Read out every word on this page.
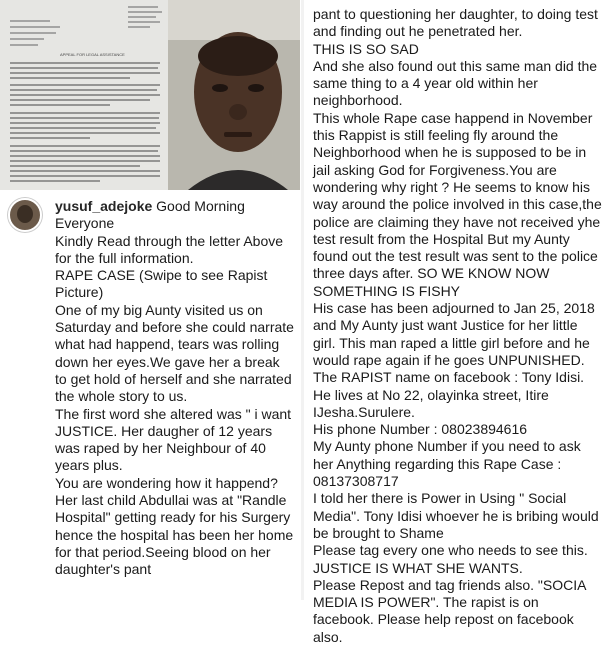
APPEAL FOR LEGAL ASSISTANCE

yusuf_adejoke Good Morning Everyone

Kindly Read through the letter Above for the full information.

RAPE CASE (Swipe to see Rapist Picture)

One of my big Aunty visited us on Saturday and before she could narrate what had happend, tears was rolling down her eyes.We gave her a break to get hold of herself and she narrated the whole story to us.

The first word she altered was " i want JUSTICE. Her daugher of 12 years was raped by her Neighbour of 40 years plus.

You are wondering how it happend?

Her last child Abdullai was at "Randle Hospital" getting ready for his Surgery hence the hospital has been her home for that period.Seeing blood on her daughter's pant

pant to questioning her daughter, to doing test and finding out he penetrated her.

THIS IS SO SAD

And she also found out this same man did the same thing to a 4 year old within her neighborhood.

This whole Rape case happend in November this Rappist is still feeling fly around the Neighborhood when he is supposed to be in jail asking God for Forgiveness.You are wondering why right ? He seems to know his way around the police involved in this case,the police are claiming they have not received yhe test result from the Hospital But my Aunty found out the test result was sent to the police three days after. SO WE KNOW NOW SOMETHING IS FISHY

His case has been adjourned to Jan 25, 2018 and My Aunty just want Justice for her little girl. This man raped a little girl before and he would rape again if he goes UNPUNISHED.

The RAPIST name on facebook : Tony Idisi. He lives at No 22, olayinka street, Itire IJesha.Surulere.

His phone Number : 08023894616

My Aunty phone Number if you need to ask her Anything regarding this Rape Case : 08137308717

I told her there is Power in Using " Social Media". Tony Idisi whoever he is bribing would be brought to Shame

Please tag every one who needs to see this. JUSTICE IS WHAT SHE WANTS.

Please Repost and tag friends also. "SOCIA MEDIA IS POWER". The rapist is on facebook. Please help repost on facebook also.
